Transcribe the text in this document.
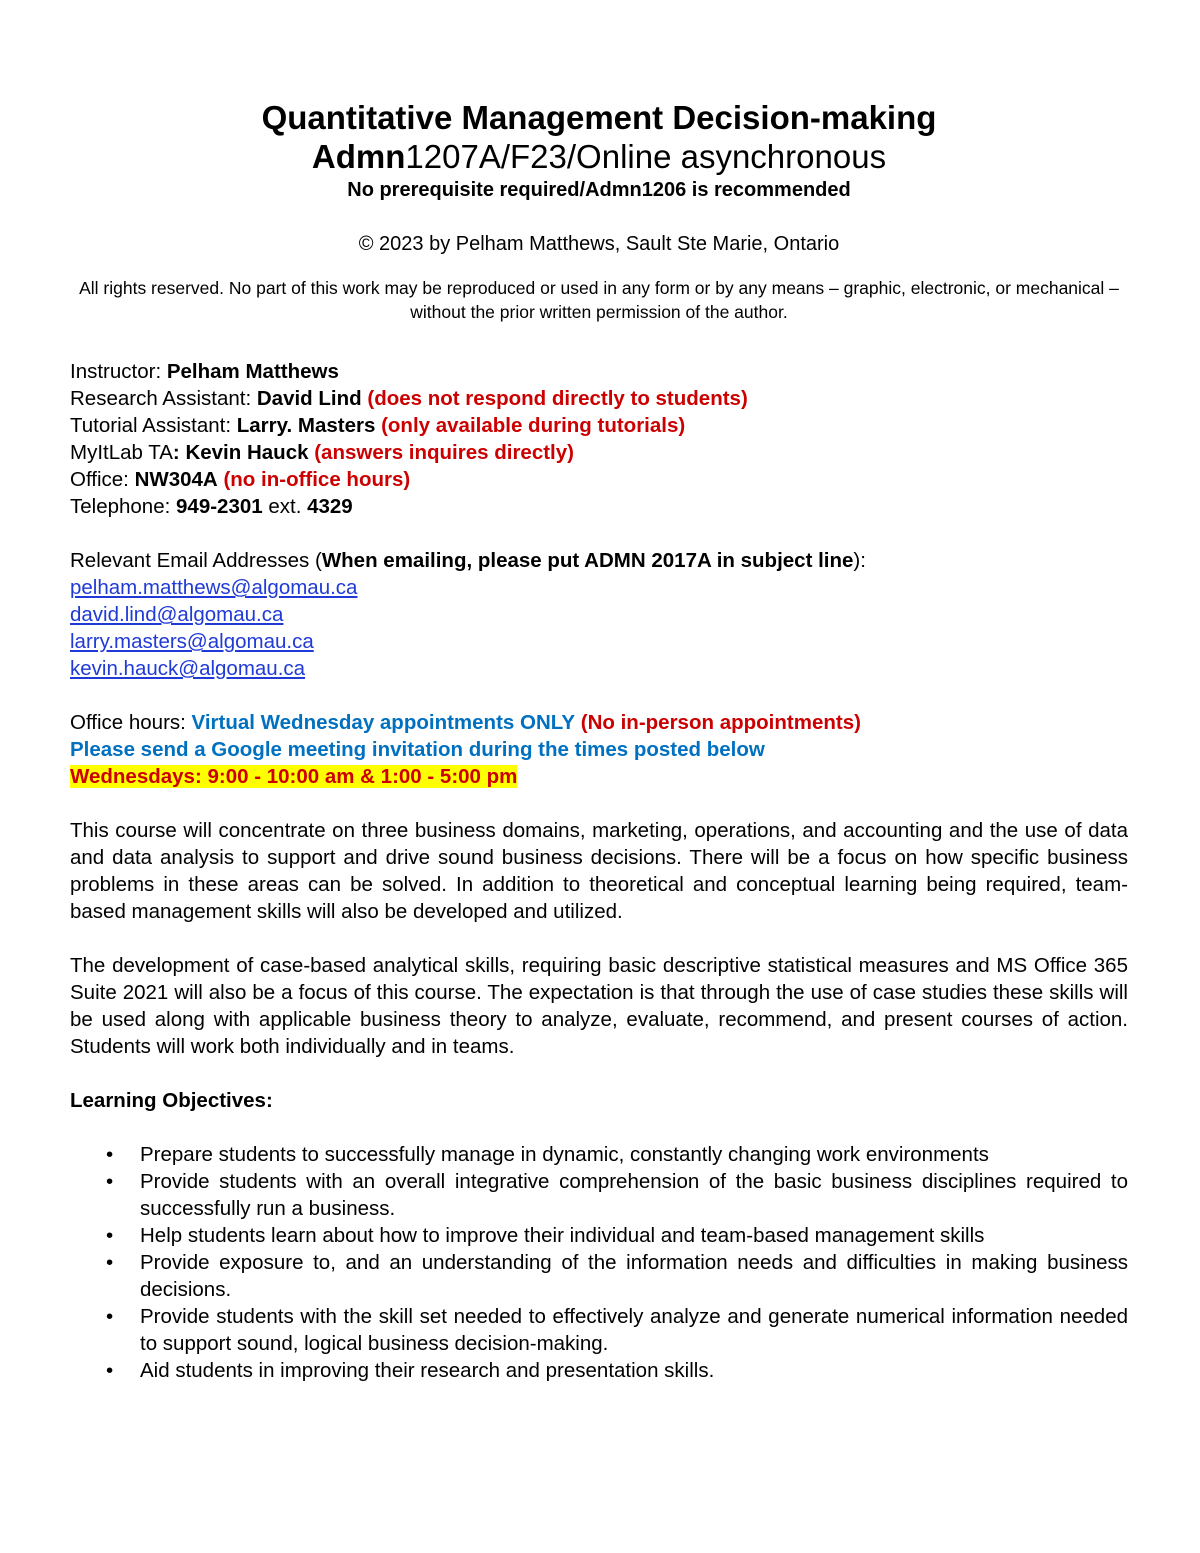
Quantitative Management Decision-making
Admn1207A/F23/Online asynchronous
No prerequisite required/Admn1206 is recommended
© 2023 by Pelham Matthews, Sault Ste Marie, Ontario
All rights reserved. No part of this work may be reproduced or used in any form or by any means – graphic, electronic, or mechanical – without the prior written permission of the author.
Instructor: Pelham Matthews
Research Assistant: David Lind (does not respond directly to students)
Tutorial Assistant: Larry. Masters (only available during tutorials)
MyItLab TA: Kevin Hauck (answers inquires directly)
Office: NW304A (no in-office hours)
Telephone: 949-2301 ext. 4329
Relevant Email Addresses (When emailing, please put ADMN 2017A in subject line):
pelham.matthews@algomau.ca
david.lind@algomau.ca
larry.masters@algomau.ca
kevin.hauck@algomau.ca
Office hours: Virtual Wednesday appointments ONLY (No in-person appointments)
Please send a Google meeting invitation during the times posted below
Wednesdays: 9:00 - 10:00 am & 1:00 - 5:00 pm

This course will concentrate on three business domains, marketing, operations, and accounting and the use of data and data analysis to support and drive sound business decisions. There will be a focus on how specific business problems in these areas can be solved. In addition to theoretical and conceptual learning being required, team-based management skills will also be developed and utilized.

The development of case-based analytical skills, requiring basic descriptive statistical measures and MS Office 365 Suite 2021 will also be a focus of this course. The expectation is that through the use of case studies these skills will be used along with applicable business theory to analyze, evaluate, recommend, and present courses of action. Students will work both individually and in teams.

Learning Objectives:
• Prepare students to successfully manage in dynamic, constantly changing work environments
• Provide students with an overall integrative comprehension of the basic business disciplines required to successfully run a business.
• Help students learn about how to improve their individual and team-based management skills
• Provide exposure to, and an understanding of the information needs and difficulties in making business decisions.
• Provide students with the skill set needed to effectively analyze and generate numerical information needed to support sound, logical business decision-making.
• Aid students in improving their research and presentation skills.
